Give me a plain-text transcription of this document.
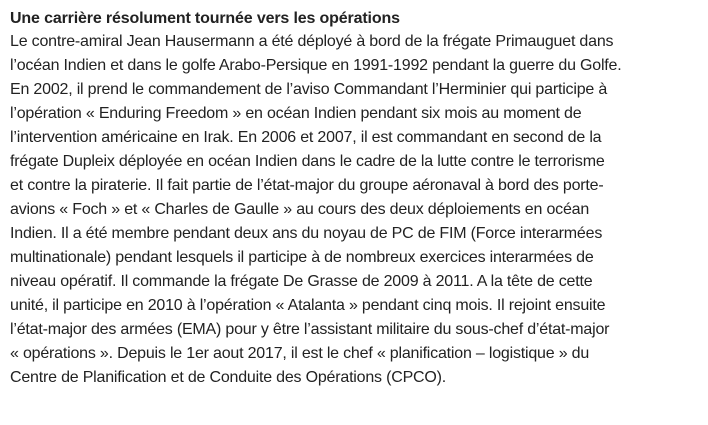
Une carrière résolument tournée vers les opérations

Le contre-amiral Jean Hausermann a été déployé à bord de la frégate Primauguet dans
l’océan Indien et dans le golfe Arabo-Persique en 1991-1992 pendant la guerre du Golfe.
En 2002, il prend le commandement de l’aviso Commandant l’Herminier qui participe à
l’opération « Enduring Freedom » en océan Indien pendant six mois au moment de
l’intervention américaine en Irak. En 2006 et 2007, il est commandant en second de la
frégate Dupleix déployée en océan Indien dans le cadre de la lutte contre le terrorisme
et contre la piraterie. Il fait partie de l’état-major du groupe aéronaval à bord des porte-
avions « Foch » et « Charles de Gaulle » au cours des deux déploiements en océan
Indien. Il a été membre pendant deux ans du noyau de PC de FIM (Force interarmées
multinationale) pendant lesquels il participe à de nombreux exercices interarmées de
niveau opératif. Il commande la frégate De Grasse de 2009 à 2011. A la tête de cette
unité, il participe en 2010 à l’opération « Atalanta » pendant cinq mois. Il rejoint ensuite
l’état-major des armées (EMA) pour y être l’assistant militaire du sous-chef d’état-major
« opérations ». Depuis le 1er aout 2017, il est le chef « planification – logistique » du
Centre de Planification et de Conduite des Opérations (CPCO).
